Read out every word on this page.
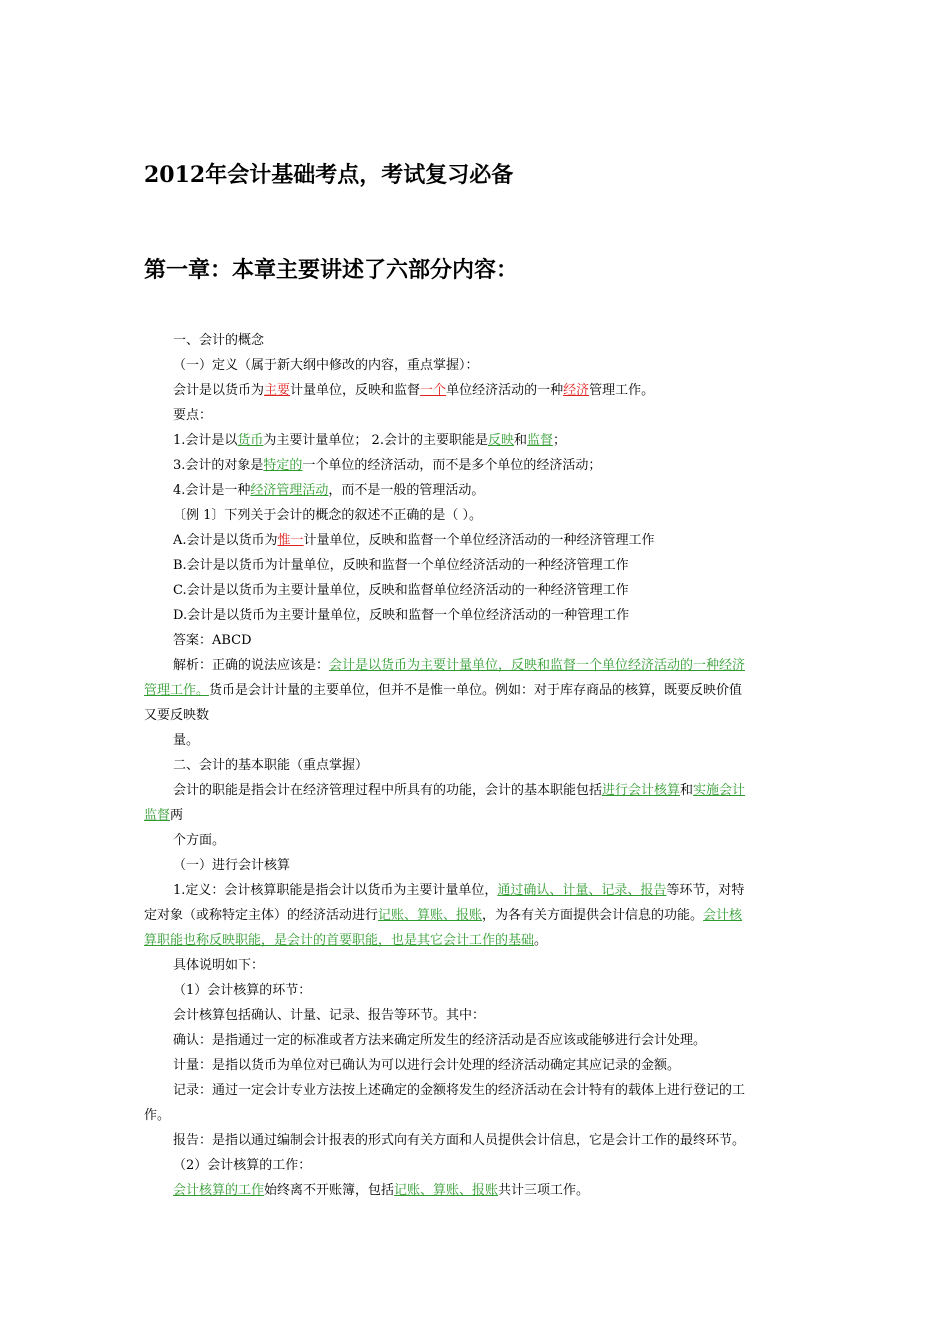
2012年会计基础考点，考试复习必备
第一章：本章主要讲述了六部分内容：
一、会计的概念
（一）定义（属于新大纲中修改的内容，重点掌握）：
会计是以货币为主要计量单位，反映和监督一个单位经济活动的一种经济管理工作。
要点：
1.会计是以货币为主要计量单位； 2.会计的主要职能是反映和监督；
3.会计的对象是特定的一个单位的经济活动，而不是多个单位的经济活动；
4.会计是一种经济管理活动，而不是一般的管理活动。
〔例 1〕下列关于会计的概念的叙述不正确的是（ ）。
A.会计是以货币为惟一计量单位，反映和监督一个单位经济活动的一种经济管理工作
B.会计是以货币为计量单位，反映和监督一个单位经济活动的一种经济管理工作
C.会计是以货币为主要计量单位，反映和监督单位经济活动的一种经济管理工作
D.会计是以货币为主要计量单位，反映和监督一个单位经济活动的一种管理工作
答案：ABCD
解析：正确的说法应该是：会计是以货币为主要计量单位，反映和监督一个单位经济活动的一种经济
管理工作。货币是会计计量的主要单位，但并不是惟一单位。例如：对于库存商品的核算，既要反映价值
又要反映数
量。
二、会计的基本职能（重点掌握）
会计的职能是指会计在经济管理过程中所具有的功能，会计的基本职能包括进行会计核算和实施会计
监督两
个方面。
（一）进行会计核算
1.定义：会计核算职能是指会计以货币为主要计量单位，通过确认、计量、记录、报告等环节，对特
定对象（或称特定主体）的经济活动进行记账、算账、报账，为各有关方面提供会计信息的功能。会计核
算职能也称反映职能，是会计的首要职能，也是其它会计工作的基础。
具体说明如下：
（1）会计核算的环节：
会计核算包括确认、计量、记录、报告等环节。其中：
确认：是指通过一定的标准或者方法来确定所发生的经济活动是否应该或能够进行会计处理。
计量：是指以货币为单位对已确认为可以进行会计处理的经济活动确定其应记录的金额。
记录：通过一定会计专业方法按上述确定的金额将发生的经济活动在会计特有的载体上进行登记的工
作。
报告：是指以通过编制会计报表的形式向有关方面和人员提供会计信息，它是会计工作的最终环节。
（2）会计核算的工作：
会计核算的工作始终离不开账簿，包括记账、算账、报账共计三项工作。
